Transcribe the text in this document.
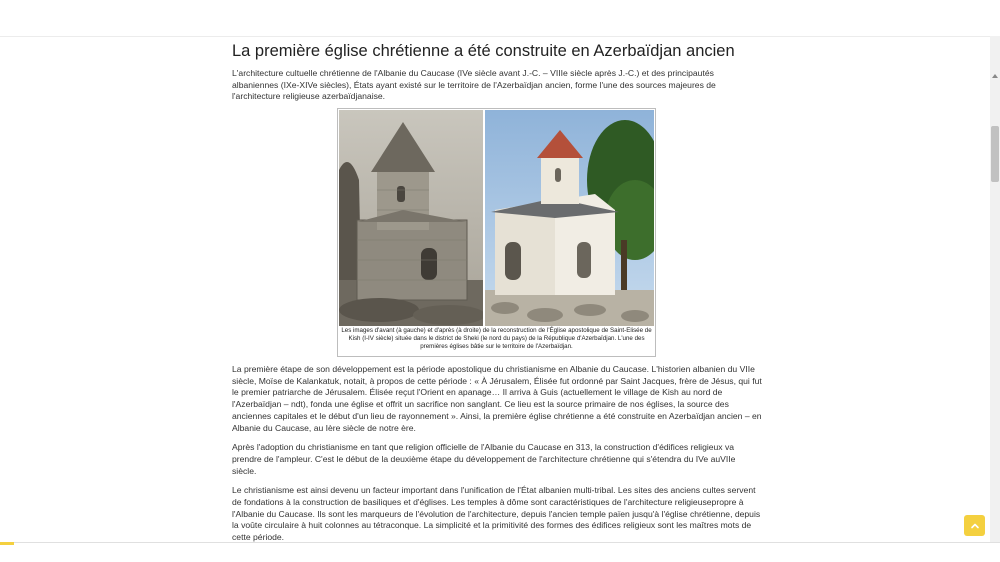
La première église chrétienne a été construite en Azerbaïdjan ancien

L'architecture cultuelle chrétienne de l'Albanie du Caucase (IVe siècle avant J.-C. – VIIIe siècle après J.-C.) et des principautés albaniennes (IXe-XIVe siècles), États ayant existé sur le territoire de l'Azerbaïdjan ancien, forme l'une des sources majeures de l'architecture religieuse azerbaïdjanaise.

Les images d'avant (à gauche) et d'après (à droite) de la reconstruction de l'Église apostolique de Saint-Elisée de Kish (I-IV siècle) située dans le district de Sheki (le nord du pays) de la République d'Azerbaïdjan. L'une des premières églises bâtie sur le territoire de l'Azerbaïdjan.

La première étape de son développement est la période apostolique du christianisme en Albanie du Caucase. L'historien albanien du VIIe siècle, Moïse de Kalankatuk, notait, à propos de cette période : « À Jérusalem, Élisée fut ordonné par Saint Jacques, frère de Jésus, qui fut le premier patriarche de Jérusalem. Élisée reçut l'Orient en apanage… Il arriva à Guis (actuellement le village de Kish au nord de l'Azerbaïdjan – ndt), fonda une église et offrit un sacrifice non sanglant. Ce lieu est la source primaire de nos églises, la source des anciennes capitales et le début d'un lieu de rayonnement ». Ainsi, la première église chrétienne a été construite en Azerbaïdjan ancien – en Albanie du Caucase, au Ière siècle de notre ère.

Après l'adoption du christianisme en tant que religion officielle de l'Albanie du Caucase en 313, la construction d'édifices religieux va prendre de l'ampleur. C'est le début de la deuxième étape du développement de l'architecture chrétienne qui s'étendra du IVe auVIIe siècle.

Le christianisme est ainsi devenu un facteur important dans l'unification de l'État albanien multi-tribal. Les sites des anciens cultes servent de fondations à la construction de basiliques et d'églises. Les temples à dôme sont caractéristiques de l'architecture religieusepropre à l'Albanie du Caucase. Ils sont les marqueurs de l'évolution de l'architecture, depuis l'ancien temple païen jusqu'à l'église chrétienne, depuis la voûte circulaire à huit colonnes au tétraconque. La simplicité et la primitivité des formes des édifices religieux sont les maîtres mots de cette période.
